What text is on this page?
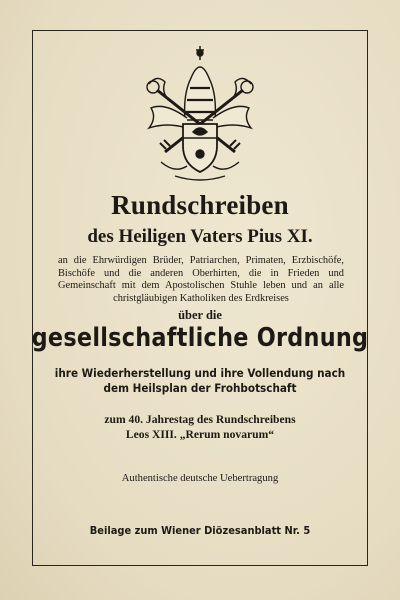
Rundschreiben
des Heiligen Vaters Pius XI.
an die Ehrwürdigen Brüder, Patriarchen, Primaten, Erzbischöfe, Bischöfe und die anderen Oberhirten, die in Frieden und Gemeinschaft mit dem Apostolischen Stuhle leben und an alle christgläubigen Katholiken des Erdkreises
über die
gesellschaftliche Ordnung
ihre Wiederherstellung und ihre Vollendung nach
dem Heilsplan der Frohbotschaft
zum 40. Jahrestag des Rundschreibens
Leos XIII. „Rerum novarum“
Authentische deutsche Uebertragung
Beilage zum Wiener Diözesanblatt Nr. 5
